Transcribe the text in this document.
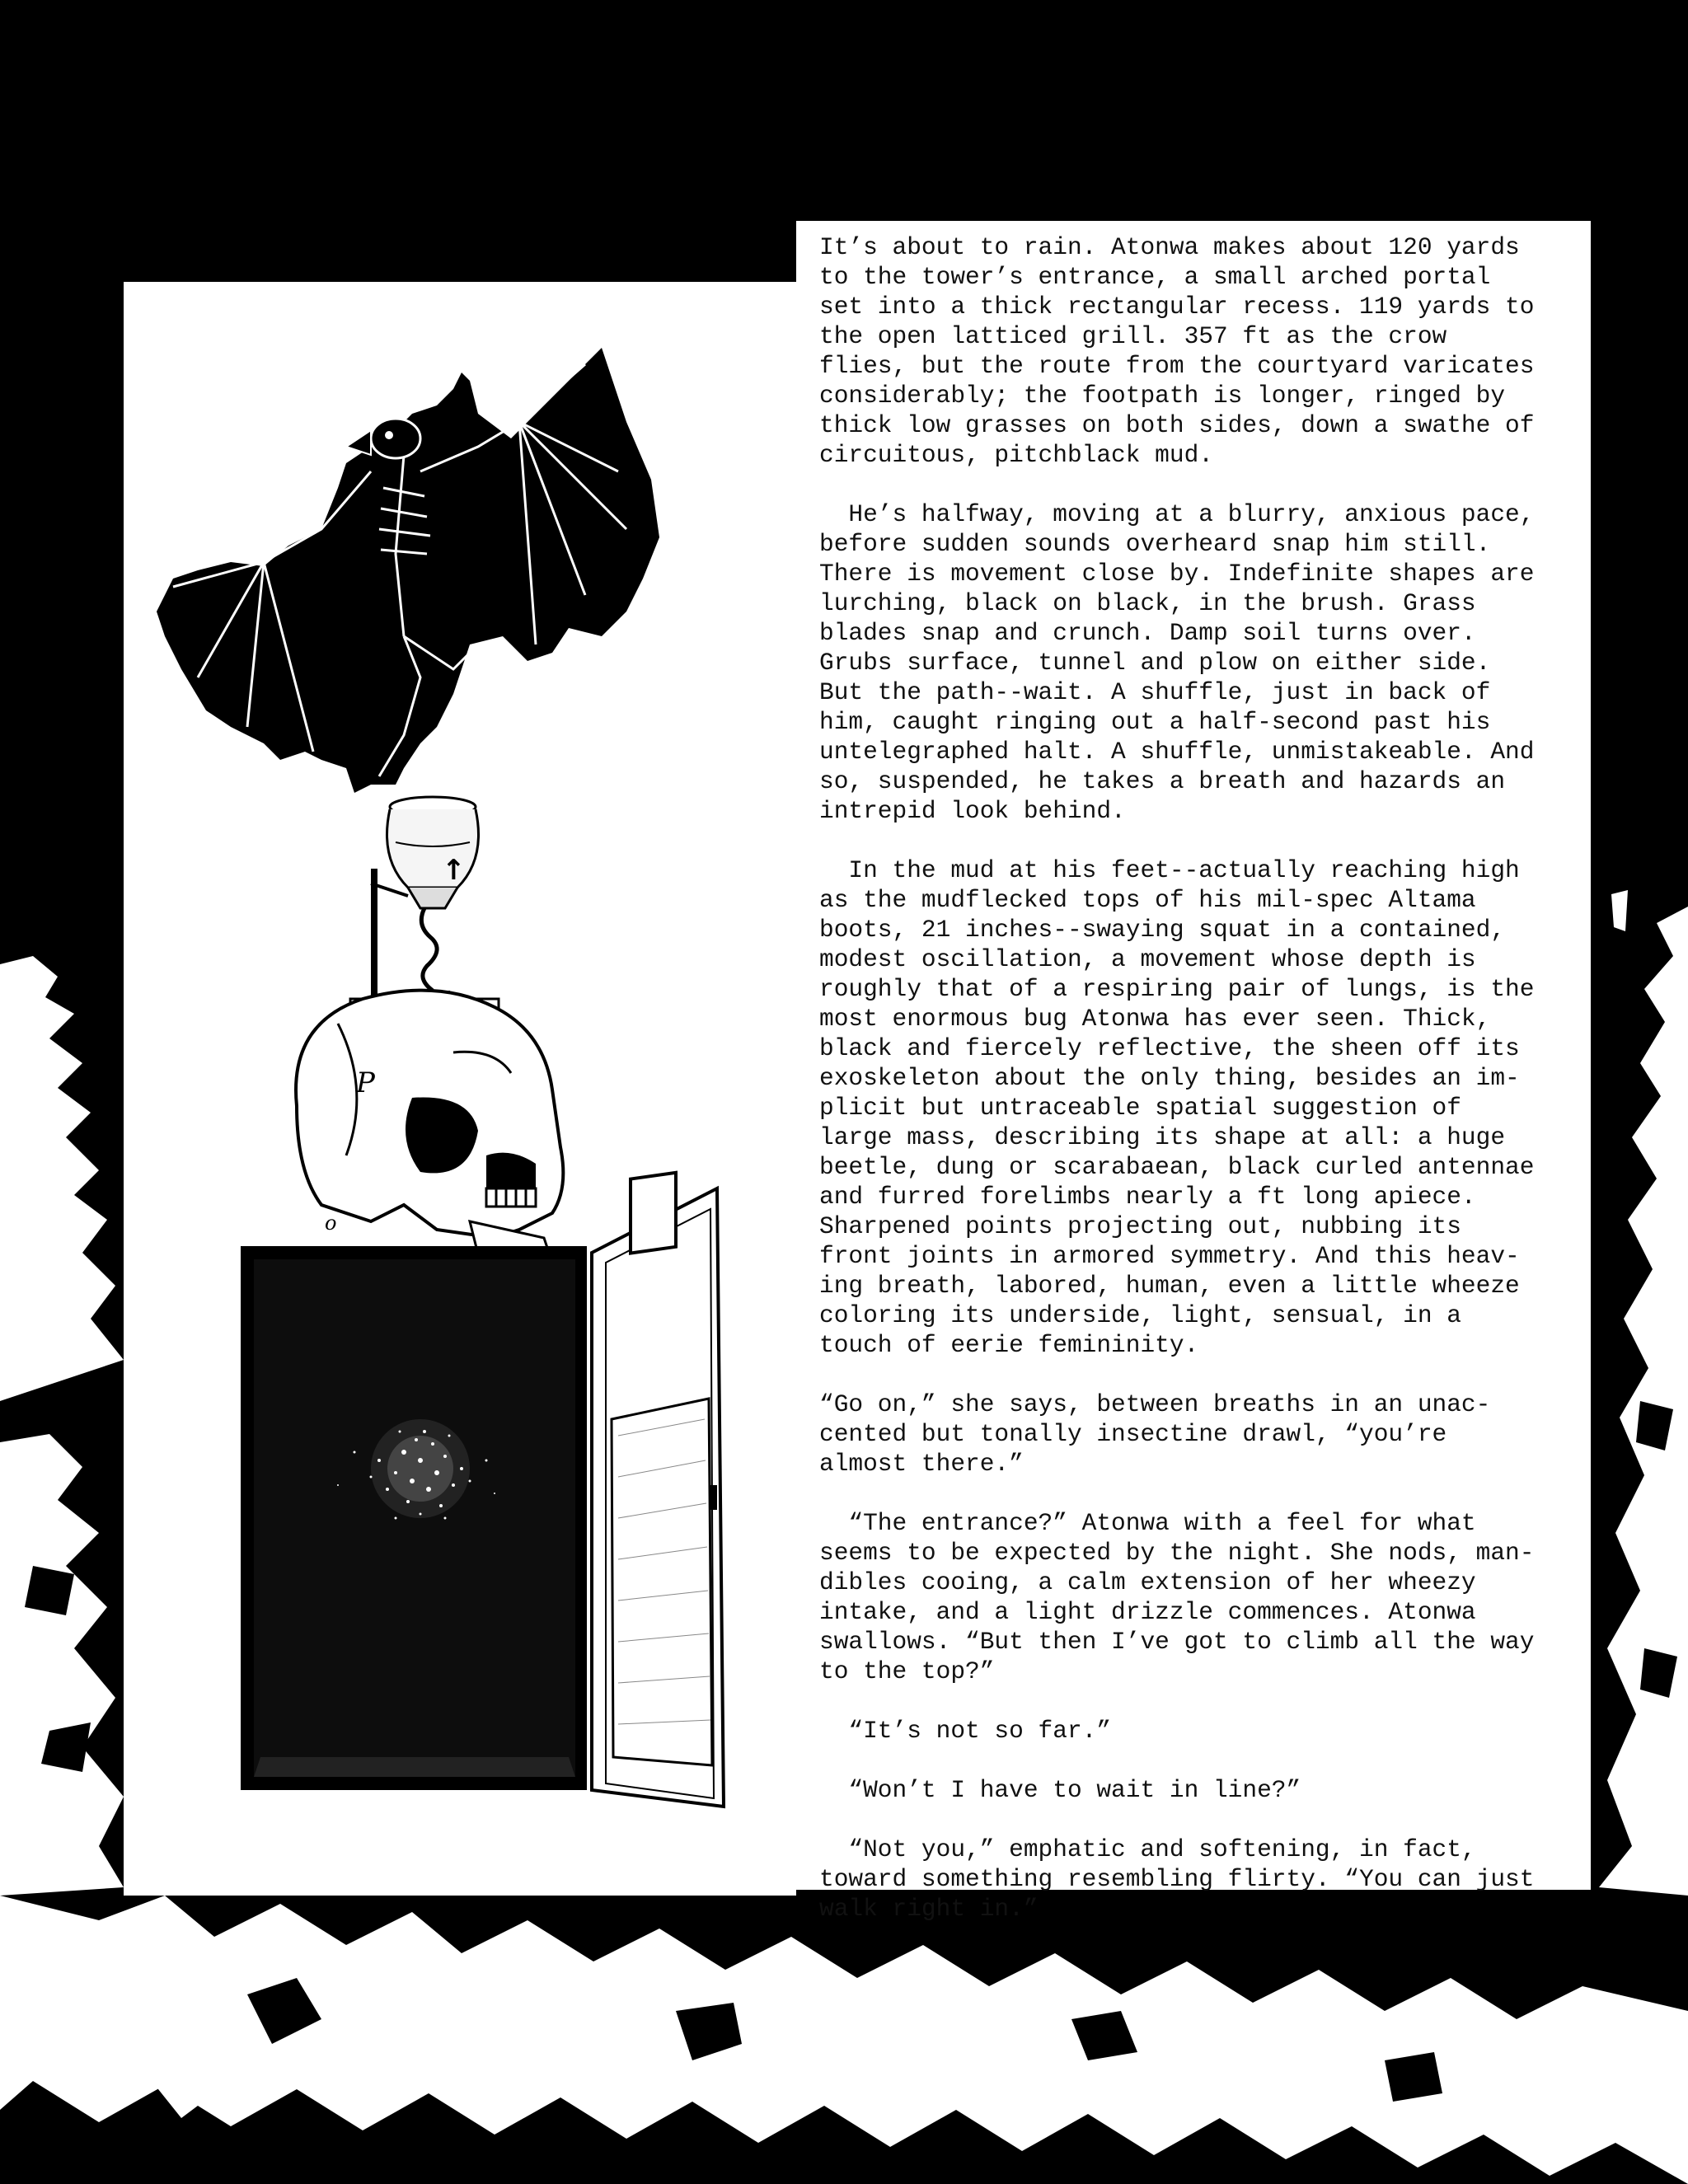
↑
P
o

It’s about to rain. Atonwa makes about 120 yards
to the tower’s entrance, a small arched portal
set into a thick rectangular recess. 119 yards to
the open latticed grill. 357 ft as the crow
flies, but the route from the courtyard varicates
considerably; the footpath is longer, ringed by
thick low grasses on both sides, down a swathe of
circuitous, pitchblack mud.

He’s halfway, moving at a blurry, anxious pace,
before sudden sounds overheard snap him still.
There is movement close by. Indefinite shapes are
lurching, black on black, in the brush. Grass
blades snap and crunch. Damp soil turns over.
Grubs surface, tunnel and plow on either side.
But the path--wait. A shuffle, just in back of
him, caught ringing out a half-second past his
untelegraphed halt. A shuffle, unmistakeable. And
so, suspended, he takes a breath and hazards an
intrepid look behind.

In the mud at his feet--actually reaching high
as the mudflecked tops of his mil-spec Altama
boots, 21 inches--swaying squat in a contained,
modest oscillation, a movement whose depth is
roughly that of a respiring pair of lungs, is the
most enormous bug Atonwa has ever seen. Thick,
black and fiercely reflective, the sheen off its
exoskeleton about the only thing, besides an im-
plicit but untraceable spatial suggestion of
large mass, describing its shape at all: a huge
beetle, dung or scarabaean, black curled antennae
and furred forelimbs nearly a ft long apiece.
Sharpened points projecting out, nubbing its
front joints in armored symmetry. And this heav-
ing breath, labored, human, even a little wheeze
coloring its underside, light, sensual, in a
touch of eerie femininity.

“Go on,” she says, between breaths in an unac-
cented but tonally insectine drawl, “you’re
almost there.”

“The entrance?” Atonwa with a feel for what
seems to be expected by the night. She nods, man-
dibles cooing, a calm extension of her wheezy
intake, and a light drizzle commences. Atonwa
swallows. “But then I’ve got to climb all the way
to the top?”

“It’s not so far.”

“Won’t I have to wait in line?”

“Not you,” emphatic and softening, in fact,
toward something resembling flirty. “You can just
walk right in.”
